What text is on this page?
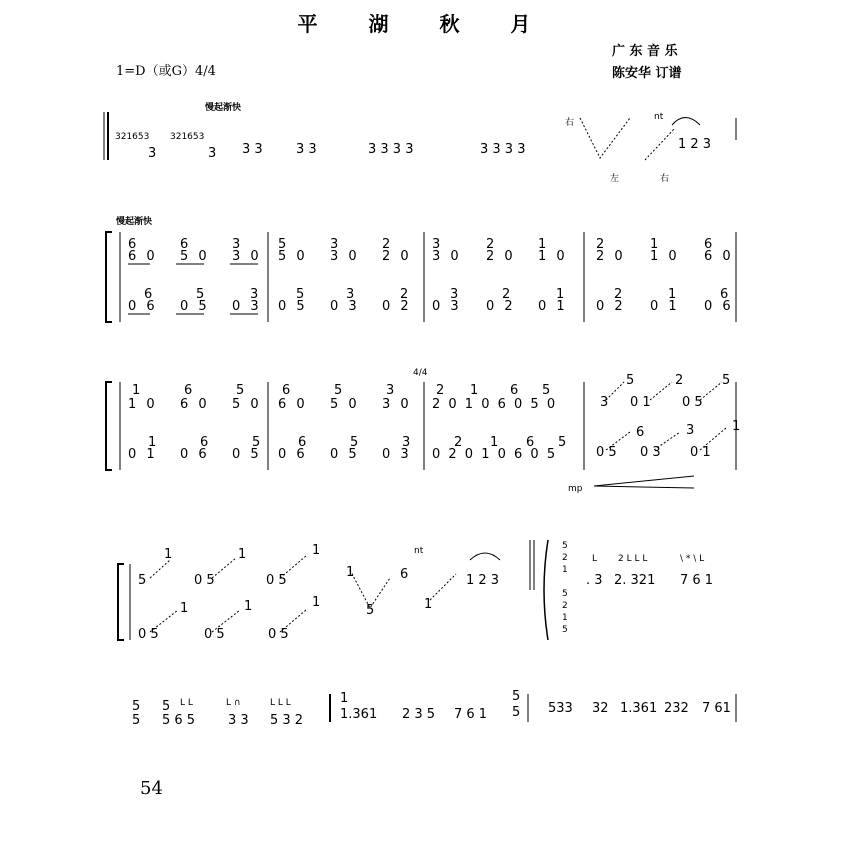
平 湖 秋 月
广 东 音 乐
陈安华 订谱
1=D（或G）4/4
慢起渐快
慢起渐快
4/4
321653
3
321653
3 3 3	3 3	3 3 3 3	3 3 3 3
右
左	右
nt
1 2 3
6	6	3	5	3	2	3	2	1	2	1	6
6 0 5 0 3 0 5 0 3 0 2 0 3 0 2 0 1 0 2 0 1 0 6 0
6	5	3	5	3	2	3	2	1	2	1	6
0 6 0 5 0 3 0 5 0 3 0 2 0 3 0 2 0 1 0 2 0 1 0 6
1	6	5	6	5	3	2 1 6 5
1 0 6 0 5 0 6 0 5 0 3 0 2 0 1 0 6 0 5 0	3 0 1 0 5
5	2	5
1	6	5	6	5	3	2 1 6 5
0 1 0 6 0 5 0 6 0 5 0 3 0 2 0 1 0 6 0 5	0 5 0 3 0 1
6	3	1
mp
5	0 5	0 5
1	1	1
0 5	0 5	0 5
1	1	1
nt
1	6
5	1
1 2 3
5
2
1

5
2
1
5
. 3 2. 321 7 6 1
L 2 L L L	\ * \ L
5
5
5
5 6 5	3 3 5 3 2
L L	L ∩	L L L	1
1.361 2 3 5 7 6 1
5
5 533 32 1.361 232 7 61
54
